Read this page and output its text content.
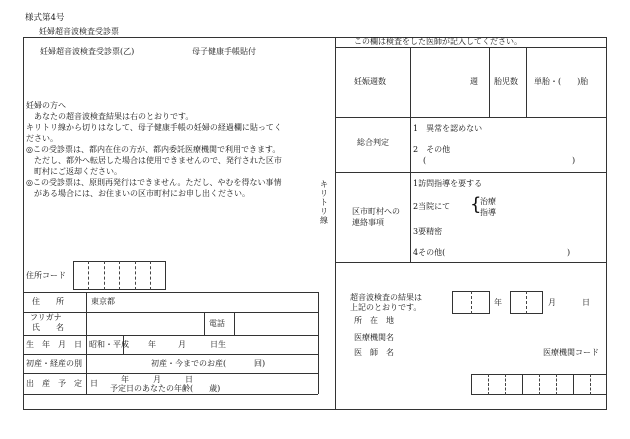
様式第4号
妊婦超音波検査受診票
妊婦超音波検査受診票(乙)	母子健康手帳貼付
妊婦の方へ
　あなたの超音波検査結果は右のとおりです。
キリトリ線から切りはなして、母子健康手帳の妊婦の経過欄に貼ってく
ださい。
◎この受診票は、都内在住の方が、都内委託医療機関で利用できます。
　ただし、都外へ転居した場合は使用できませんので、発行された区市
　町村にご返却ください。
◎この受診票は、原則再発行はできません。ただし、やむを得ない事情
　がある場合には、お住まいの区市町村にお申し出ください。
住所コード
住　　所	東京都
フリガナ
氏　　名	電話
生　年　月　日 昭和・平成 年	月	日生
初産・経産の別	初産・今までのお産(	回)
出　産　予　定　日	年　　　月　　　日
予定日のあなたの年齢(　　歳)
キリトリ線
この欄は検査をした医師が記入してください。
妊娠週数	週 胎児数 単胎・(　　)胎
総合判定
1　異常を認めない
2　その他
(	)
区市町村への
連絡事項
1訪問指導を要する
2当院にて {
治療
指導
3要精密
4その他(	)
超音波検査の結果は
上記のとおりです。
年	月	日
所　在　地
医療機関名
医　師　名	医療機関コード
